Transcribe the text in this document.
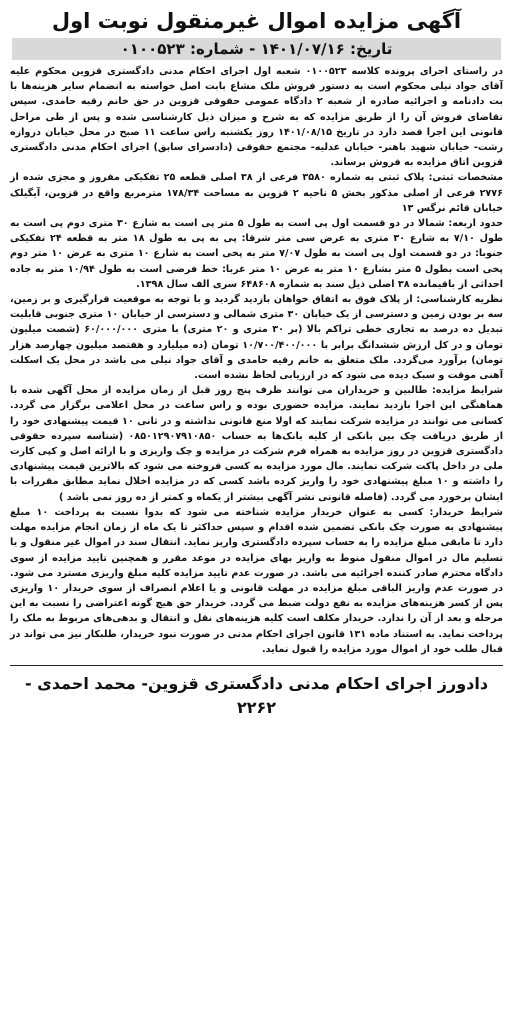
آگهی مزایده اموال غیرمنقول نوبت اول
تاریخ: ۱۴۰۱/۰۷/۱۶ - شماره: ۰۱۰۰۵۲۳

در راستای اجرای پرونده کلاسه ۰۱۰۰۵۲۳ شعبه اول اجرای احکام مدنی دادگستری قزوین محکوم علیه آقای جواد نیلی محکوم است به دستور فروش ملک مشاع بابت اصل خواسته به انضمام سایر هزینه‌ها با بت دادنامه و اجرائیه صادره از شعبه ۲ دادگاه عمومی حقوقی قزوین در حق خانم رقیه حامدی. سپس تقاضای فروش آن را از طریق مزایده که به شرح و میزان ذیل کارشناسی شده و پس از طی مراحل قانونی این اجرا قصد دارد در تاریخ ۱۴۰۱/۰۸/۱۵ روز یکشنبه راس ساعت ۱۱ صبح در محل خیابان دروازه رشت- خیابان شهید باهنر- خیابان عدلیه- مجتمع حقوقی (دادسرای سابق) اجرای احکام مدنی دادگستری قزوین اتاق مزایده به فروش برساند.

مشخصات ثبتی: پلاک ثبتی به شماره ۳۵۸۰ فرعی از ۳۸ اصلی قطعه ۲۵ تفکیکی مفروز و مجزی شده از ۲۷۷۶ فرعی از اصلی مذکور بخش ۵ ناحیه ۲ قزوین به مساحت ۱۷۸/۳۴ مترمربع واقع در قزوین، آیگیلک خیابان قائم نرگس ۱۳

حدود اربعه: شمالا در دو قسمت اول پی است به طول ۵ متر پی است به شارع ۳۰ متری دوم پی است به طول ۷/۱۰ به شارع ۳۰ متری به عرض سی متر شرقا: پی به پی به طول ۱۸ متر به قطعه ۲۴ تفکیکی جنوبا: در دو قسمت اول پی است به طول ۷/۰۷ متر به پخی است به شارع ۱۰ متری به عرض ۱۰ متر دوم پخی است بطول ۵ متر بشارع ۱۰ متر به عرض ۱۰ متر غربا: خط فرضی است به طول ۱۰/۹۴ متر به جاده احداثی از باقیمانده ۳۸ اصلی ذیل سند به شماره ۶۴۸۶۰۸ سری الف سال ۱۳۹۸.

نظریه کارشناسی: از پلاک فوق به اتفاق خواهان بازدید گردید و با توجه به موقعیت قرارگیری و بر زمین، سه بر بودن زمین و دسترسی از یک خیابان ۳۰ متری شمالی و دسترسی از خیابان ۱۰ متری جنوبی قابلیت تبدیل ده درصد به تجاری خطی تراکم بالا (بر ۳۰ متری و ۲۰ متری) با متری ۶۰/۰۰۰/۰۰۰ (شصت میلیون تومان و در کل ارزش ششدانگ برابر با ۱۰/۷۰۰/۴۰۰/۰۰۰ تومان (ده میلیارد و هفتصد میلیون چهارصد هزار تومان) برآورد می‌گردد. ملک متعلق به خانم رقیه حامدی و آقای جواد نیلی می باشد در محل یک اسکلت آهنی موقت و سبک دیده می شود که در ارزیابی لحاظ نشده است.

شرایط مزایده: طالبین و خریداران می توانند ظرف پنج روز قبل از زمان مزایده از محل آگهی شده با هماهنگی این اجرا بازدید نمایند. مزایده حضوری بوده و راس ساعت در محل اعلامی برگزار می گردد. کسانی می توانند در مزایده شرکت نمایند که اولا منع قانونی نداشته و در ثانی ۱۰ قیمت پیشنهادی خود را از طریق دریافت چک بین بانکی از کلیه بانک‌ها به حساب ۰۸۵۰۱۲۹۰۷۹۱۰۸۵۰ (شناسه سپرده حقوقی دادگستری قزوین در روز مزایده به همراه فرم شرکت در مزایده و چک واریزی و با ارائه اصل و کپی کارت ملی در داخل پاکت شرکت نمایند. مال مورد مزایده به کسی فروخته می شود که بالاترین قیمت پیشنهادی را داشته و ۱۰ مبلغ پیشنهادی خود را واریز کرده باشد کسی که در مزایده اخلال نماید مطابق مقررات با ایشان برخورد می گردد. (فاصله قانونی نشر آگهی بیشتر از یکماه و کمتر از ده روز نمی باشد )

شرایط خریدار: کسی به عنوان خریدار مزایده شناخته می شود که بدوا نسبت به پرداخت ۱۰ مبلغ پیشنهادی به صورت چک بانکی تضمین شده اقدام و سپس حداکثر تا یک ماه از زمان انجام مزایده مهلت دارد تا مابقی مبلغ مزایده را به حساب سپرده دادگستری واریز نماید. انتقال سند در اموال غیر منقول و یا تسلیم مال در اموال منقول منوط به واریز بهای مزایده در موعد مقرر و همچنین تایید مزایده از سوی دادگاه محترم صادر کننده اجرائیه می باشد. در صورت عدم تایید مزایده کلیه مبلغ واریزی مسترد می شود. در صورت عدم واریز الباقی مبلغ مزایده در مهلت قانونی و یا اعلام انصراف از سوی خریدار ۱۰ واریزی پس از کسر هزینه‌های مزایده به نفع دولت ضبط می گردد. خریدار حق هیچ گونه اعتراضی را نسبت به این مرحله و بعد از آن را ندارد. خریدار مکلف است کلیه هزینه‌های نقل و انتقال و بدهی‌های مربوط به ملک را پرداخت نماید. به استناد ماده ۱۳۱ قانون اجرای احکام مدنی در صورت نبود خریدار، طلبکار نیز می تواند در قبال طلب خود از اموال مورد مزایده را قبول نماید.

دادورز اجرای احکام مدنی دادگستری قزوین- محمد احمدی - ۲۲۶۲
